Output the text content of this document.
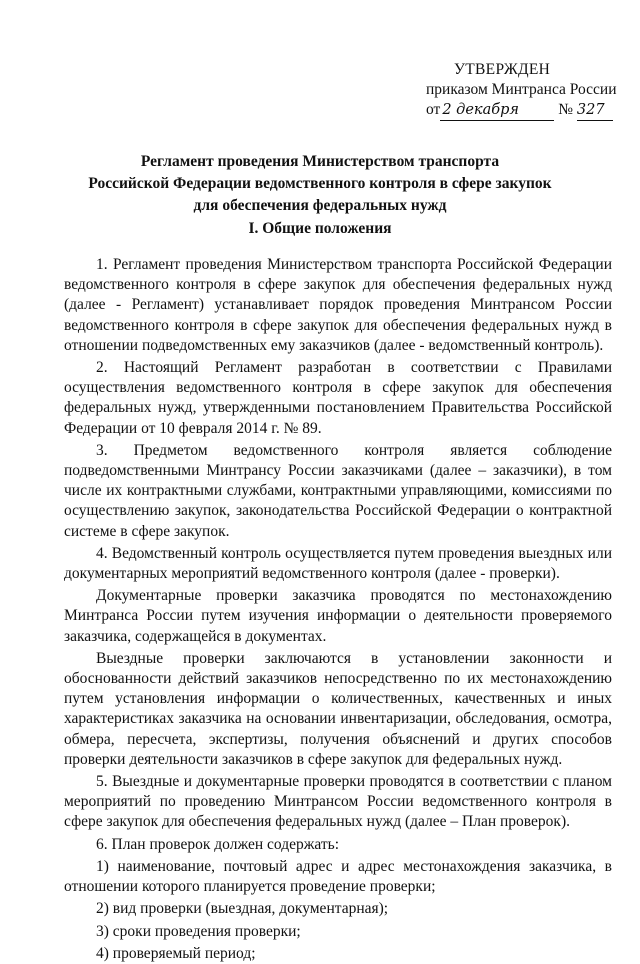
УТВЕРЖДЕН
приказом Минтранса России
от 2 декабря	№ 327
Регламент проведения Министерством транспорта
Российской Федерации ведомственного контроля в сфере закупок
для обеспечения федеральных нужд
I. Общие положения

1. Регламент проведения Министерством транспорта Российской Федерации ведомственного контроля в сфере закупок для обеспечения федеральных нужд (далее - Регламент) устанавливает порядок проведения Минтрансом России ведомственного контроля в сфере закупок для обеспечения федеральных нужд в отношении подведомственных ему заказчиков (далее - ведомственный контроль).

2. Настоящий Регламент разработан в соответствии с Правилами осуществления ведомственного контроля в сфере закупок для обеспечения федеральных нужд, утвержденными постановлением Правительства Российской Федерации от 10 февраля 2014 г. № 89.

3. Предметом ведомственного контроля является соблюдение подведомственными Минтрансу России заказчиками (далее – заказчики), в том числе их контрактными службами, контрактными управляющими, комиссиями по осуществлению закупок, законодательства Российской Федерации о контрактной системе в сфере закупок.

4. Ведомственный контроль осуществляется путем проведения выездных или документарных мероприятий ведомственного контроля (далее - проверки).

Документарные проверки заказчика проводятся по местонахождению Минтранса России путем изучения информации о деятельности проверяемого заказчика, содержащейся в документах.

Выездные проверки заключаются в установлении законности и обоснованности действий заказчиков непосредственно по их местонахождению путем установления информации о количественных, качественных и иных характеристиках заказчика на основании инвентаризации, обследования, осмотра, обмера, пересчета, экспертизы, получения объяснений и других способов проверки деятельности заказчиков в сфере закупок для федеральных нужд.

5. Выездные и документарные проверки проводятся в соответствии с планом мероприятий по проведению Минтрансом России ведомственного контроля в сфере закупок для обеспечения федеральных нужд (далее – План проверок).

6. План проверок должен содержать:

1) наименование, почтовый адрес и адрес местонахождения заказчика, в отношении которого планируется проведение проверки;

2) вид проверки (выездная, документарная);

3) сроки проведения проверки;

4) проверяемый период;
